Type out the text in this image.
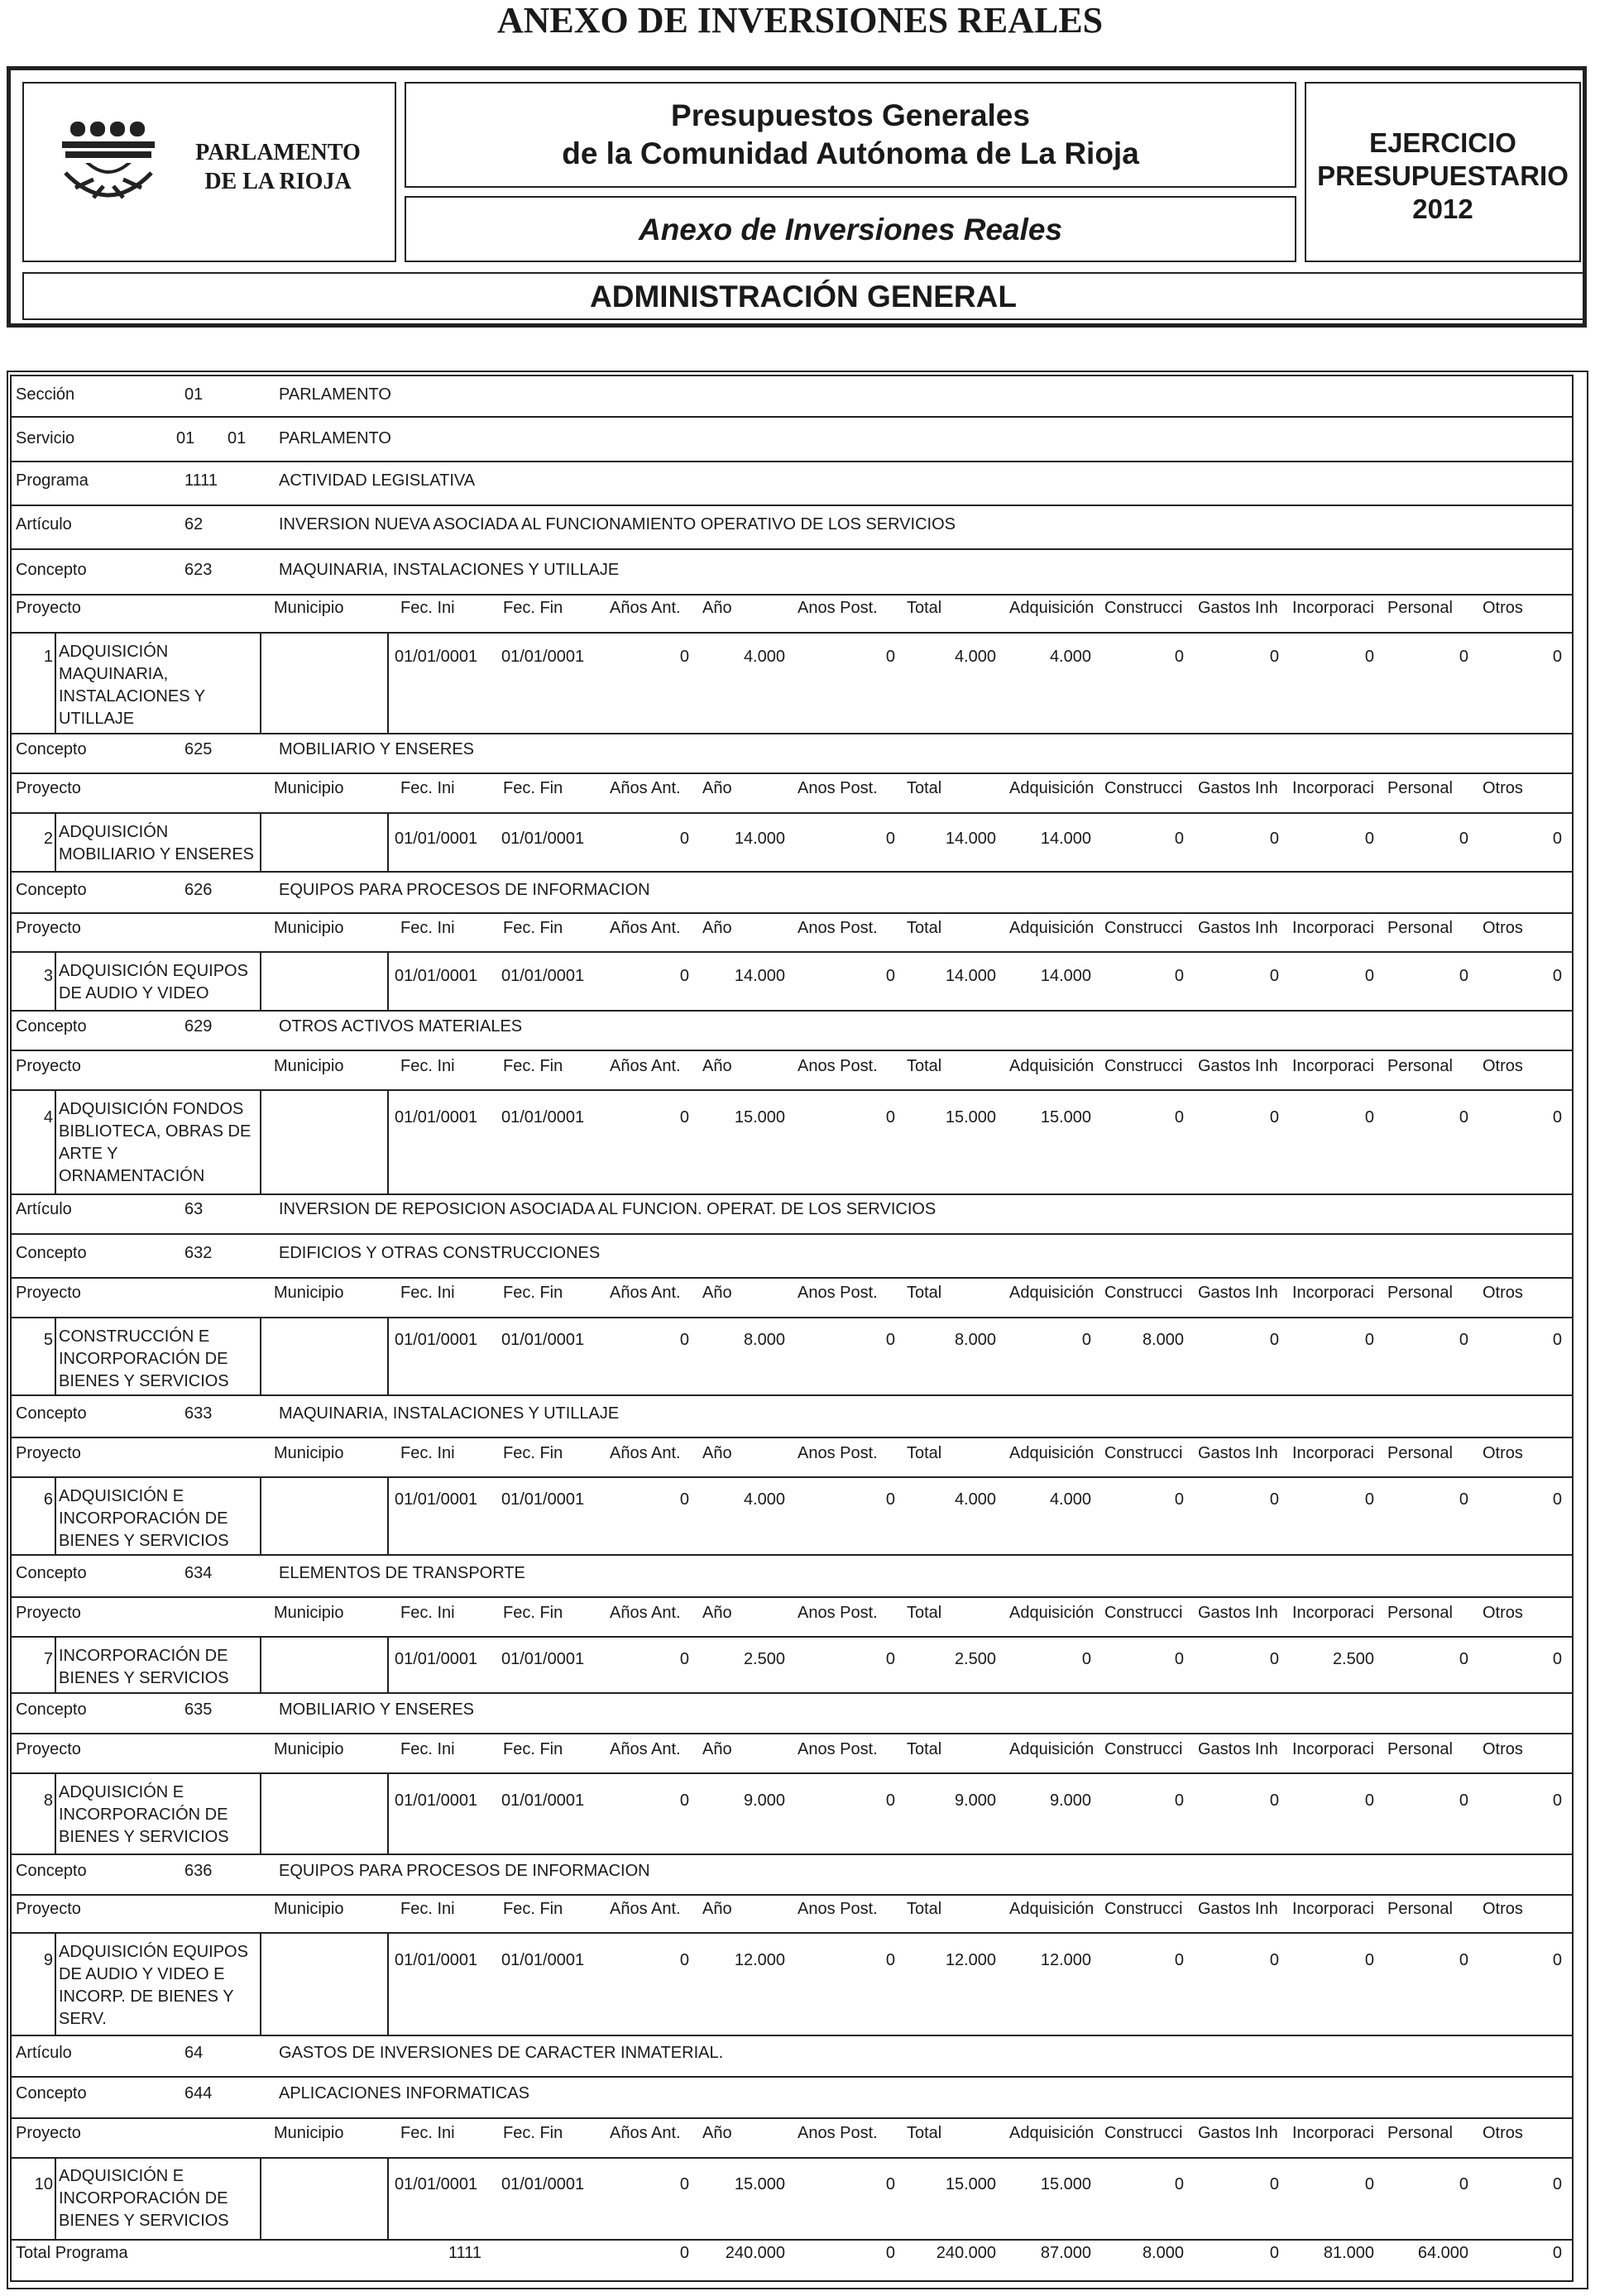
ANEXO DE INVERSIONES REALES
PARLAMENTO
DE LA RIOJA
Presupuestos Generales
de la Comunidad Autónoma de La Rioja
Anexo de Inversiones Reales
EJERCICIO
PRESUPUESTARIO
2012
ADMINISTRACIÓN GENERAL
Sección	01	PARLAMENTO
Servicio	01 01 PARLAMENTO
Programa	1111	ACTIVIDAD LEGISLATIVA
Artículo	62	INVERSION NUEVA ASOCIADA AL FUNCIONAMIENTO OPERATIVO DE LOS SERVICIOS
Concepto	623	MAQUINARIA, INSTALACIONES Y UTILLAJE
Proyecto	Municipio	Fec. Ini	Fec. Fin	Años Ant. Año	Anos Post. Total	Adquisición Construcci Gastos Inh Incorporaci Personal Otros
1 ADQUISICIÓN MAQUINARIA, INSTALACIONES Y UTILLAJE
01/01/0001 01/01/0001	0	4.000	0	4.000	4.000	0	0	0	0	0
Concepto	625	MOBILIARIO Y ENSERES
Proyecto	Municipio	Fec. Ini	Fec. Fin	Años Ant. Año	Anos Post. Total	Adquisición Construcci Gastos Inh Incorporaci Personal Otros
2 ADQUISICIÓN MOBILIARIO Y ENSERES
01/01/0001 01/01/0001	0	14.000	0	14.000	14.000	0	0	0	0	0
Concepto	626	EQUIPOS PARA PROCESOS DE INFORMACION
Proyecto	Municipio	Fec. Ini	Fec. Fin	Años Ant. Año	Anos Post. Total	Adquisición Construcci Gastos Inh Incorporaci Personal Otros
3 ADQUISICIÓN EQUIPOS DE AUDIO Y VIDEO
01/01/0001 01/01/0001	0	14.000	0	14.000	14.000	0	0	0	0	0
Concepto	629	OTROS ACTIVOS MATERIALES
Proyecto	Municipio	Fec. Ini	Fec. Fin	Años Ant. Año	Anos Post. Total	Adquisición Construcci Gastos Inh Incorporaci Personal Otros
4 ADQUISICIÓN FONDOS BIBLIOTECA, OBRAS DE ARTE Y ORNAMENTACIÓN
01/01/0001 01/01/0001	0	15.000	0	15.000	15.000	0	0	0	0	0
Artículo	63	INVERSION DE REPOSICION ASOCIADA AL FUNCION. OPERAT. DE LOS SERVICIOS
Concepto	632	EDIFICIOS Y OTRAS CONSTRUCCIONES
Proyecto	Municipio	Fec. Ini	Fec. Fin	Años Ant. Año	Anos Post. Total	Adquisición Construcci Gastos Inh Incorporaci Personal Otros
5 CONSTRUCCIÓN E INCORPORACIÓN DE BIENES Y SERVICIOS
01/01/0001 01/01/0001	0	8.000	0	8.000	0	8.000	0	0	0	0
Concepto	633	MAQUINARIA, INSTALACIONES Y UTILLAJE
Proyecto	Municipio	Fec. Ini	Fec. Fin	Años Ant. Año	Anos Post. Total	Adquisición Construcci Gastos Inh Incorporaci Personal Otros
6 ADQUISICIÓN E INCORPORACIÓN DE BIENES Y SERVICIOS
01/01/0001 01/01/0001	0	4.000	0	4.000	4.000	0	0	0	0	0
Concepto	634	ELEMENTOS DE TRANSPORTE
Proyecto	Municipio	Fec. Ini	Fec. Fin	Años Ant. Año	Anos Post. Total	Adquisición Construcci Gastos Inh Incorporaci Personal Otros
7 INCORPORACIÓN DE BIENES Y SERVICIOS
01/01/0001 01/01/0001	0	2.500	0	2.500	0	0	0	2.500	0	0
Concepto	635	MOBILIARIO Y ENSERES
Proyecto	Municipio	Fec. Ini	Fec. Fin	Años Ant. Año	Anos Post. Total	Adquisición Construcci Gastos Inh Incorporaci Personal Otros
8 ADQUISICIÓN E INCORPORACIÓN DE BIENES Y SERVICIOS
01/01/0001 01/01/0001	0	9.000	0	9.000	9.000	0	0	0	0	0
Concepto	636	EQUIPOS PARA PROCESOS DE INFORMACION
Proyecto	Municipio	Fec. Ini	Fec. Fin	Años Ant. Año	Anos Post. Total	Adquisición Construcci Gastos Inh Incorporaci Personal Otros
9 ADQUISICIÓN EQUIPOS DE AUDIO Y VIDEO E INCORP. DE BIENES Y SERV.
01/01/0001 01/01/0001	0	12.000	0	12.000	12.000	0	0	0	0	0
Artículo	64	GASTOS DE INVERSIONES DE CARACTER INMATERIAL.
Concepto	644	APLICACIONES INFORMATICAS
Proyecto	Municipio	Fec. Ini	Fec. Fin	Años Ant. Año	Anos Post. Total	Adquisición Construcci Gastos Inh Incorporaci Personal Otros
10 ADQUISICIÓN E INCORPORACIÓN DE BIENES Y SERVICIOS
01/01/0001 01/01/0001	0	15.000	0	15.000	15.000	0	0	0	0	0
Total Programa	1111	0	240.000	0	240.000	87.000	8.000	0	81.000	64.000	0
